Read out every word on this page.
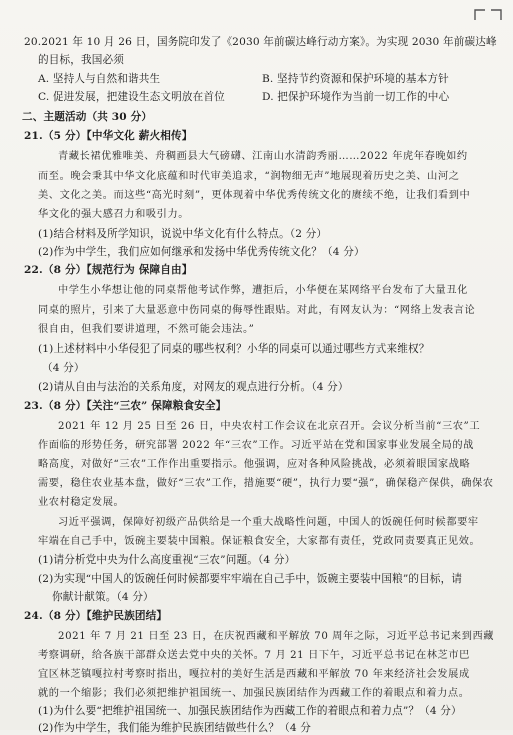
20.2021 年 10 月 26 日，国务院印发了《2030 年前碳达峰行动方案》。为实现 2030 年前碳达峰
的目标，我国必须
A. 坚持人与自然和谐共生	B. 坚持节约资源和保护环境的基本方针
C. 促进发展，把建设生态文明放在首位	D. 把保护环境作为当前一切工作的中心
二、主题活动（共 30 分）
21.（5 分）【中华文化 薪火相传】
青藏长裙优雅唯美、舟稠画县大气磅礴、江南山水清韵秀丽……2022 年虎年春晚如约
而至。晚会秉其中华文化底蕴和时代审美追求，“润物细无声”地展现着历史之美、山河之
美、文化之美。而这些“高光时刻”，更体现着中华优秀传统文化的赓续不绝，让我们看到中
华文化的强大感召力和吸引力。
(1)结合材料及所学知识，说说中华文化有什么特点。（2 分）
(2)作为中学生，我们应如何继承和发扬中华优秀传统文化？（4 分）
22.（8 分）【规范行为 保障自由】
中学生小华想让他的同桌帮他考试作弊，遭拒后，小华便在某网络平台发布了大量丑化
同桌的照片，引来了大量恶意中伤同桌的侮辱性跟贴。对此，有网友认为：“网络上发表言论
很自由，但我们要讲道理，不然可能会违法。”
(1)上述材料中小华侵犯了同桌的哪些权利？小华的同桌可以通过哪些方式来维权？
（4 分）
(2)请从自由与法治的关系角度，对网友的观点进行分析。（4 分）
23.（8 分）【关注“三农” 保障粮食安全】
2021 年 12 月 25 日至 26 日，中央农村工作会议在北京召开。会议分析当前“三农”工
作面临的形势任务，研究部署 2022 年“三农”工作。习近平站在党和国家事业发展全局的战
略高度，对做好“三农”工作作出重要指示。他强调，应对各种风险挑战，必须着眼国家战略
需要，稳住农业基本盘，做好“三农”工作，措施要“硬”，执行力要“强”，确保稳产保供，确保农
业农村稳定发展。
习近平强调，保障好初级产品供给是一个重大战略性问题，中国人的饭碗任何时候都要牢
牢端在自己手中，饭碗主要装中国粮。保证粮食安全，大家都有责任，党政同责要真正见效。
(1)请分析党中央为什么高度重视“三农”问题。（4 分）
(2)为实现“中国人的饭碗任何时候都要牢牢端在自己手中，饭碗主要装中国粮”的目标，请
你献计献策。（4 分）
24.（8 分）【维护民族团结】
2021 年 7 月 21 日至 23 日，在庆祝西藏和平解放 70 周年之际，习近平总书记来到西藏
考察调研，给各族干部群众送去党中央的关怀。7 月 21 日下午，习近平总书记在林芝市巴
宜区林芝镇嘎拉村考察时指出，嘎拉村的美好生活是西藏和平解放 70 年来经济社会发展成
就的一个缩影；我们必须把维护祖国统一、加强民族团结作为西藏工作的着眼点和着力点。
(1)为什么要“把维护祖国统一、加强民族团结作为西藏工作的着眼点和着力点”？（4 分）
(2)作为中学生，我们能为维护民族团结做些什么？（4 分
